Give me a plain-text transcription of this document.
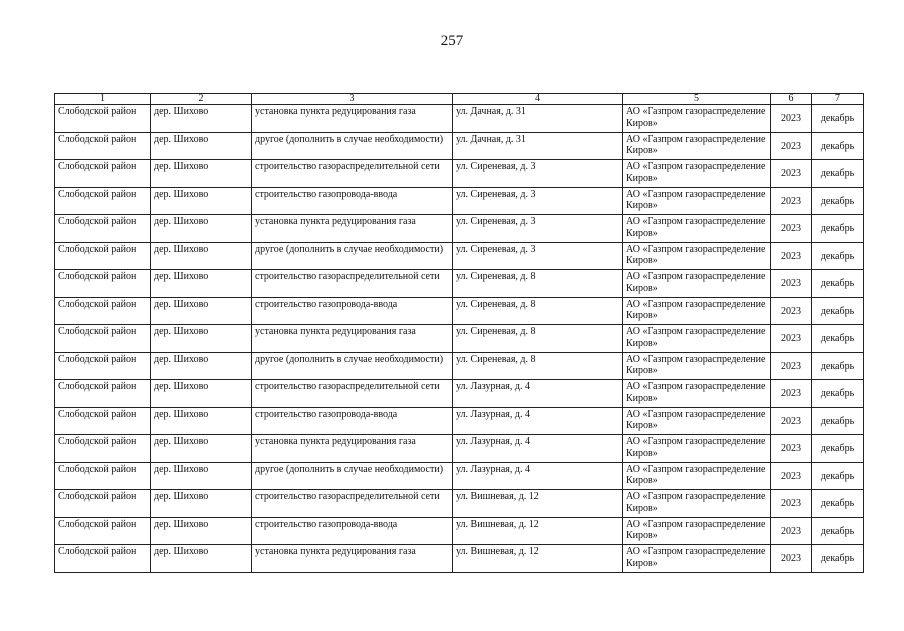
257
1	2	3	4	5	6	7
Слободской район	дер. Шихово	установка пункта редуцирования газа	ул. Дачная, д. 31	АО «Газпром газораспределение Киров»	2023	декабрь
Слободской район	дер. Шихово	другое (дополнить в случае необходимости)	ул. Дачная, д. 31	АО «Газпром газораспределение Киров»	2023	декабрь
Слободской район	дер. Шихово	строительство газораспределительной сети	ул. Сиреневая, д. 3	АО «Газпром газораспределение Киров»	2023	декабрь
Слободской район	дер. Шихово	строительство газопровода-ввода	ул. Сиреневая, д. 3	АО «Газпром газораспределение Киров»	2023	декабрь
Слободской район	дер. Шихово	установка пункта редуцирования газа	ул. Сиреневая, д. 3	АО «Газпром газораспределение Киров»	2023	декабрь
Слободской район	дер. Шихово	другое (дополнить в случае необходимости)	ул. Сиреневая, д. 3	АО «Газпром газораспределение Киров»	2023	декабрь
Слободской район	дер. Шихово	строительство газораспределительной сети	ул. Сиреневая, д. 8	АО «Газпром газораспределение Киров»	2023	декабрь
Слободской район	дер. Шихово	строительство газопровода-ввода	ул. Сиреневая, д. 8	АО «Газпром газораспределение Киров»	2023	декабрь
Слободской район	дер. Шихово	установка пункта редуцирования газа	ул. Сиреневая, д. 8	АО «Газпром газораспределение Киров»	2023	декабрь
Слободской район	дер. Шихово	другое (дополнить в случае необходимости)	ул. Сиреневая, д. 8	АО «Газпром газораспределение Киров»	2023	декабрь
Слободской район	дер. Шихово	строительство газораспределительной сети	ул. Лазурная, д. 4	АО «Газпром газораспределение Киров»	2023	декабрь
Слободской район	дер. Шихово	строительство газопровода-ввода	ул. Лазурная, д. 4	АО «Газпром газораспределение Киров»	2023	декабрь
Слободской район	дер. Шихово	установка пункта редуцирования газа	ул. Лазурная, д. 4	АО «Газпром газораспределение Киров»	2023	декабрь
Слободской район	дер. Шихово	другое (дополнить в случае необходимости)	ул. Лазурная, д. 4	АО «Газпром газораспределение Киров»	2023	декабрь
Слободской район	дер. Шихово	строительство газораспределительной сети	ул. Вишневая, д. 12	АО «Газпром газораспределение Киров»	2023	декабрь
Слободской район	дер. Шихово	строительство газопровода-ввода	ул. Вишневая, д. 12	АО «Газпром газораспределение Киров»	2023	декабрь
Слободской район	дер. Шихово	установка пункта редуцирования газа	ул. Вишневая, д. 12	АО «Газпром газораспределение Киров»	2023	декабрь
